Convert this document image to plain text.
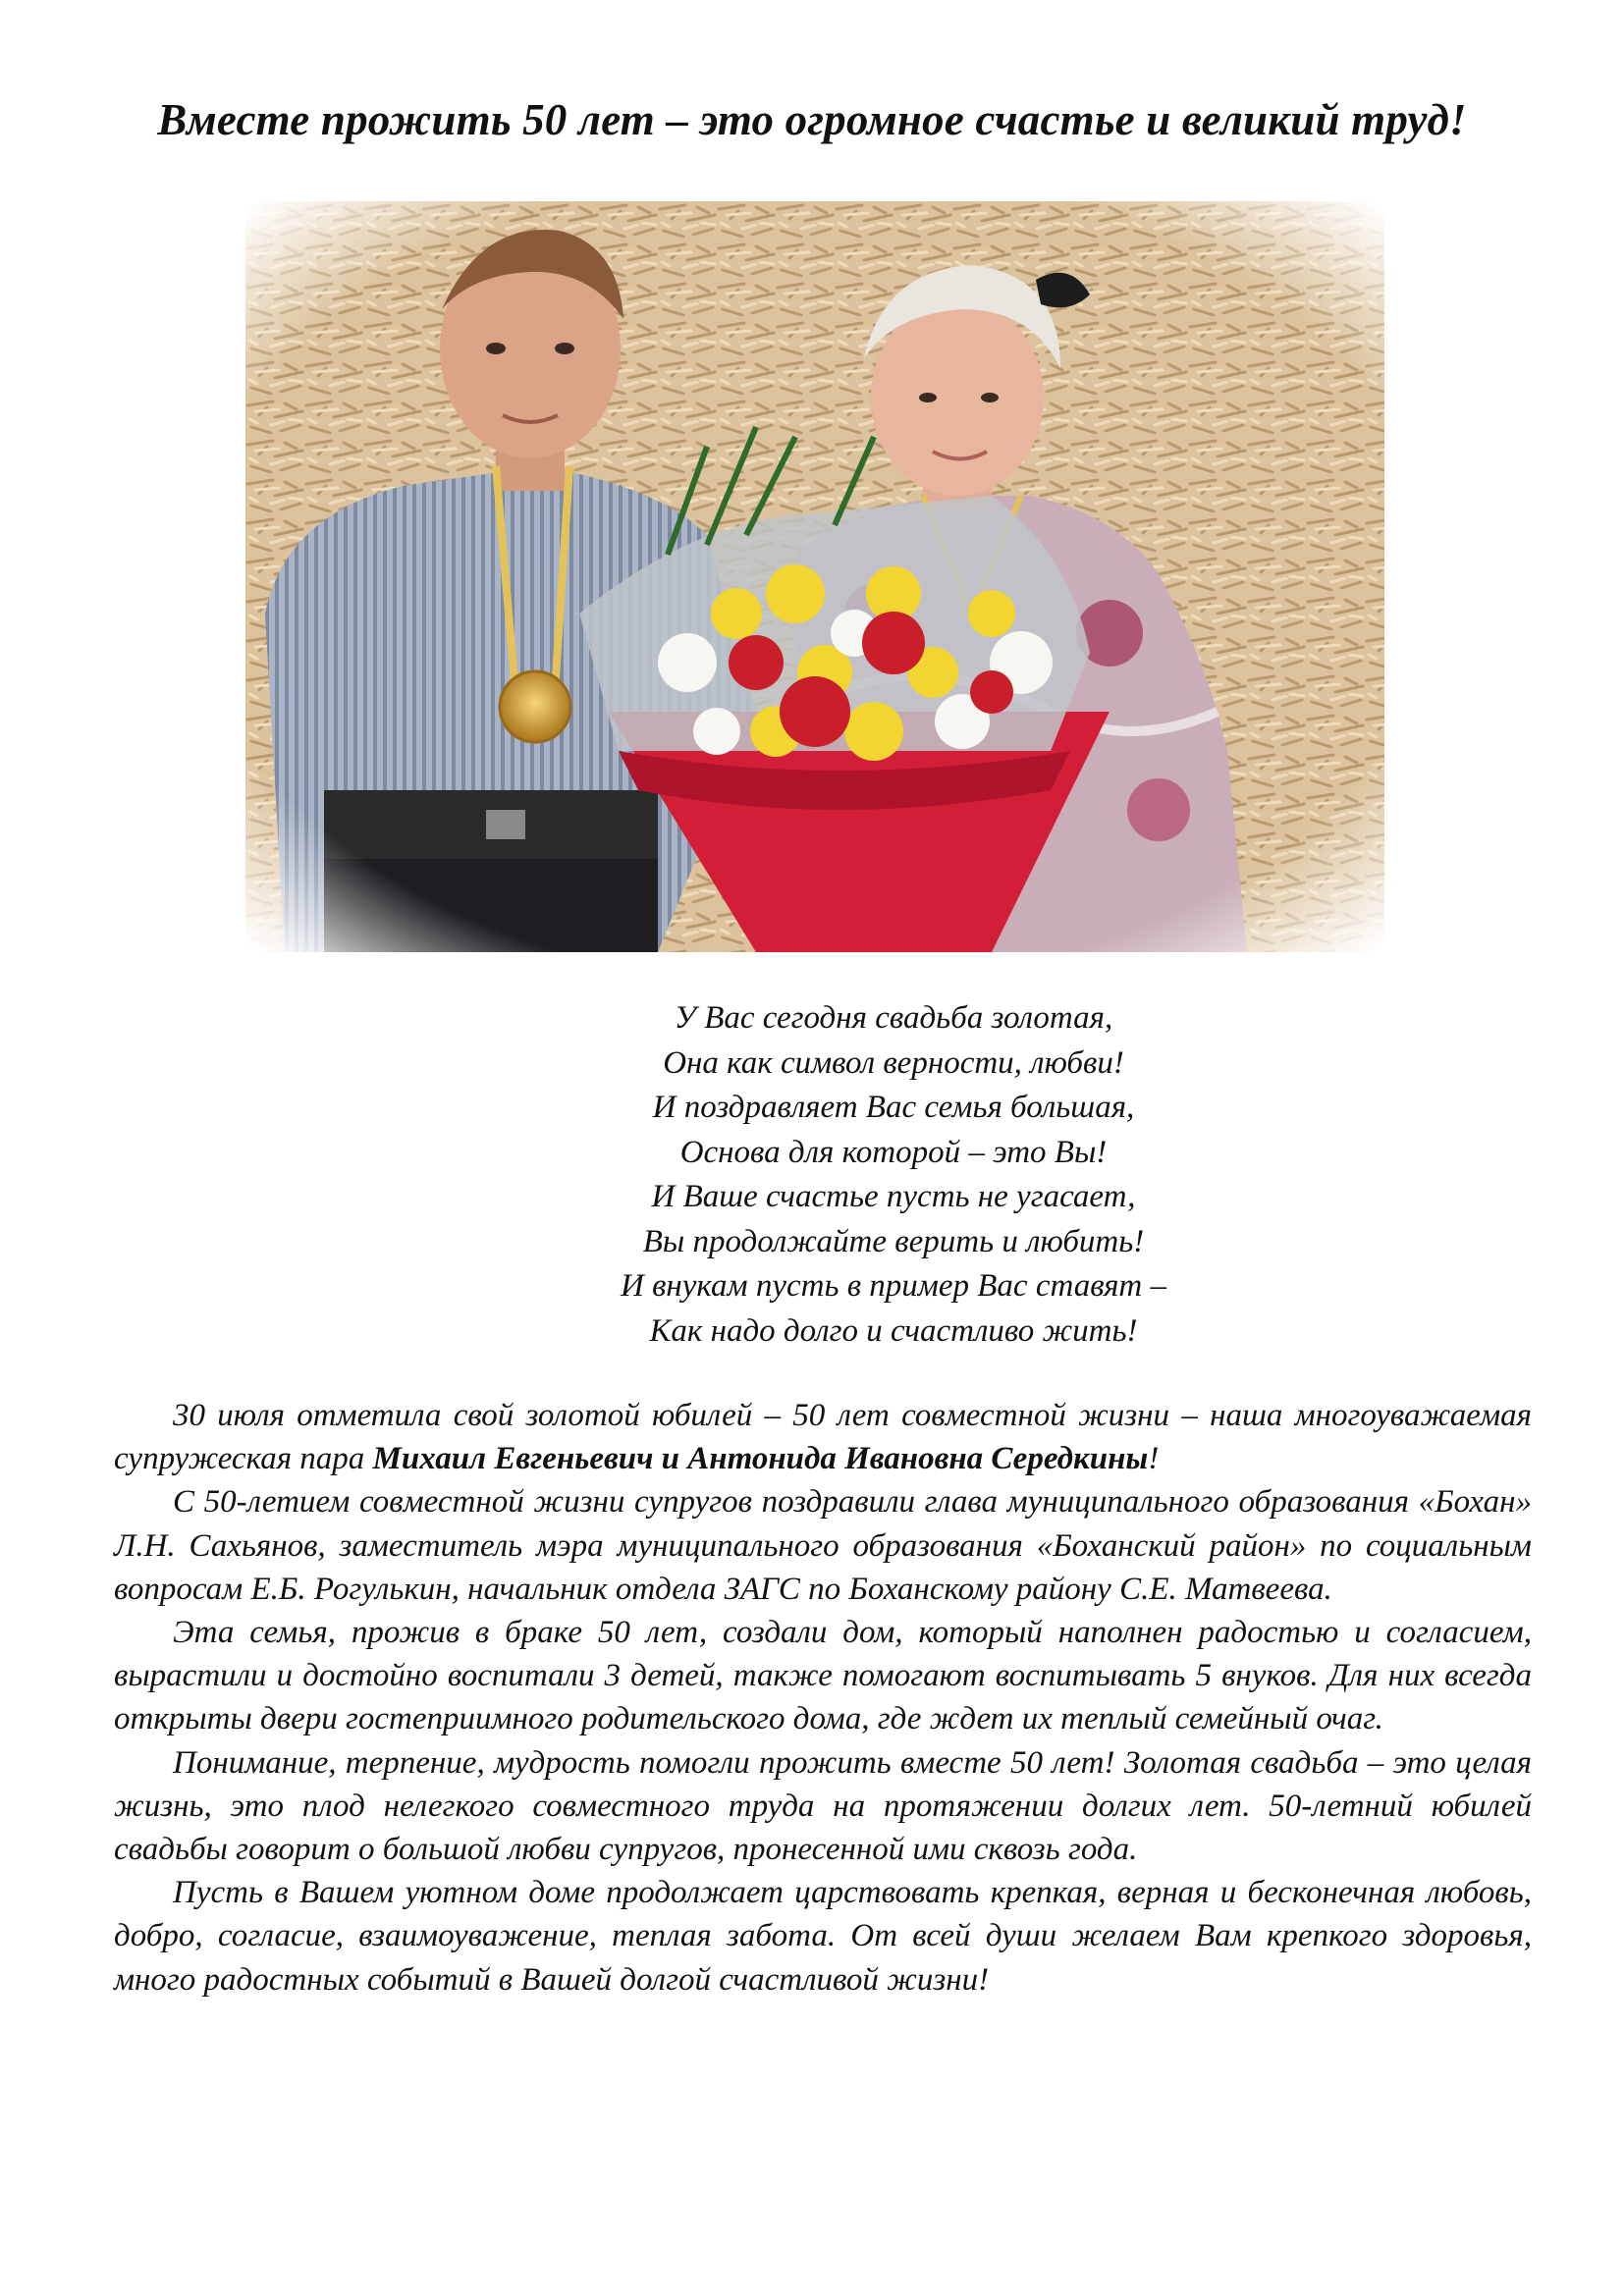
Вместе прожить 50 лет – это огромное счастье и великий труд!
У Вас сегодня свадьба золотая,
Она как символ верности, любви!
И поздравляет Вас семья большая,
Основа для которой – это Вы!
И Ваше счастье пусть не угасает,
Вы продолжайте верить и любить!
И внукам пусть в пример Вас ставят –
Как надо долго и счастливо жить!

30 июля отметила свой золотой юбилей – 50 лет совместной жизни – наша многоуважаемая супружеская пара Михаил Евгеньевич и Антонида Ивановна Середкины!

С 50-летием совместной жизни супругов поздравили глава муниципального образования «Бохан» Л.Н. Сахьянов, заместитель мэра муниципального образования «Боханский район» по социальным вопросам Е.Б. Рогулькин, начальник отдела ЗАГС по Боханскому району С.Е. Матвеева.

Эта семья, прожив в браке 50 лет, создали дом, который наполнен радостью и согласием, вырастили и достойно воспитали 3 детей, также помогают воспитывать 5 внуков. Для них всегда открыты двери гостеприимного родительского дома, где ждет их теплый семейный очаг.

Понимание, терпение, мудрость помогли прожить вместе 50 лет! Золотая свадьба – это целая жизнь, это плод нелегкого совместного труда на протяжении долгих лет. 50-летний юбилей свадьбы говорит о большой любви супругов, пронесенной ими сквозь года.

Пусть в Вашем уютном доме продолжает царствовать крепкая, верная и бесконечная любовь, добро, согласие, взаимоуважение, теплая забота. От всей души желаем Вам крепкого здоровья, много радостных событий в Вашей долгой счастливой жизни!
